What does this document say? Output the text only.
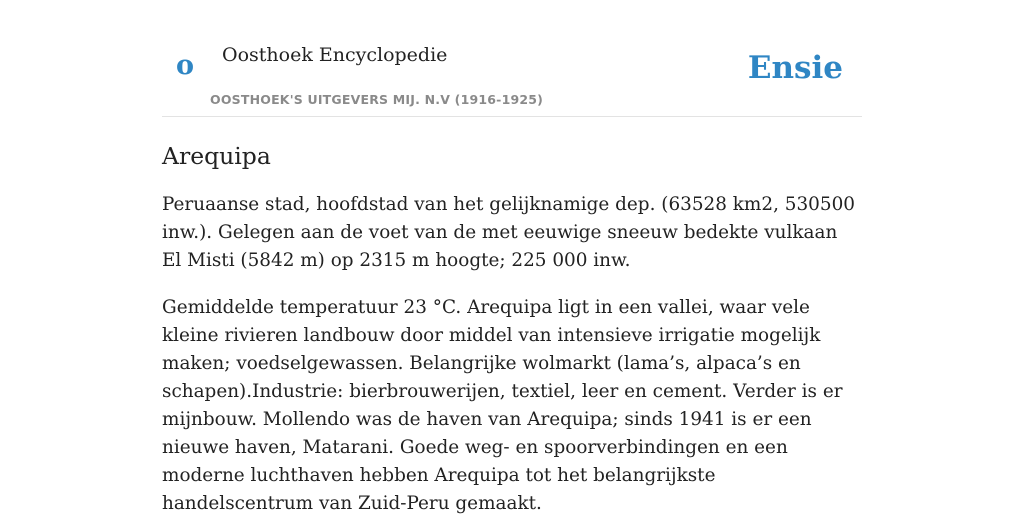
o Oosthoek Encyclopedie
OOSTHOEK'S UITGEVERS MIJ. N.V (1916-1925)
Ensie
Arequipa

Peruaanse stad, hoofdstad van het gelijknamige dep. (63528 km2, 530500 inw.). Gelegen aan de voet van de met eeuwige sneeuw bedekte vulkaan El Misti (5842 m) op 2315 m hoogte; 225 000 inw.

Gemiddelde temperatuur 23 °C. Arequipa ligt in een vallei, waar vele kleine rivieren landbouw door middel van intensieve irrigatie mogelijk maken; voedselgewassen. Belangrijke wolmarkt (lama’s, alpaca’s en schapen).Industrie: bierbrouwerijen, textiel, leer en cement. Verder is er mijnbouw. Mollendo was de haven van Arequipa; sinds 1941 is er een nieuwe haven, Matarani. Goede weg- en spoorverbindingen en een moderne luchthaven hebben Arequipa tot het belangrijkste handelscentrum van Zuid-Peru gemaakt.
